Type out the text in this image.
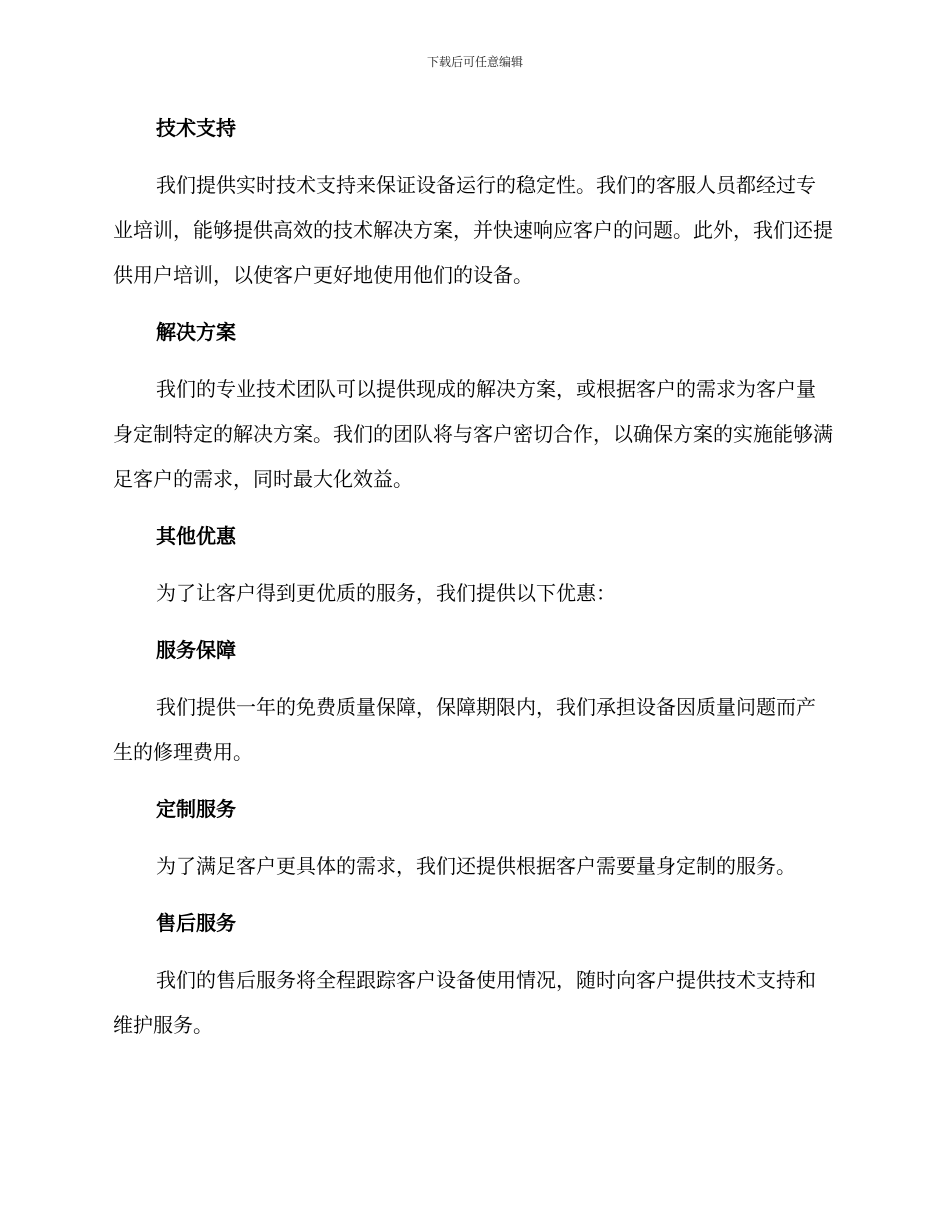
下载后可任意编辑
技术支持

我们提供实时技术支持来保证设备运行的稳定性。我们的客服人员都经过专业培训，能够提供高效的技术解决方案，并快速响应客户的问题。此外，我们还提供用户培训，以使客户更好地使用他们的设备。

解决方案

我们的专业技术团队可以提供现成的解决方案，或根据客户的需求为客户量身定制特定的解决方案。我们的团队将与客户密切合作，以确保方案的实施能够满足客户的需求，同时最大化效益。

其他优惠

为了让客户得到更优质的服务，我们提供以下优惠：

服务保障

我们提供一年的免费质量保障，保障期限内，我们承担设备因质量问题而产生的修理费用。

定制服务

为了满足客户更具体的需求，我们还提供根据客户需要量身定制的服务。

售后服务

我们的售后服务将全程跟踪客户设备使用情况，随时向客户提供技术支持和维护服务。
